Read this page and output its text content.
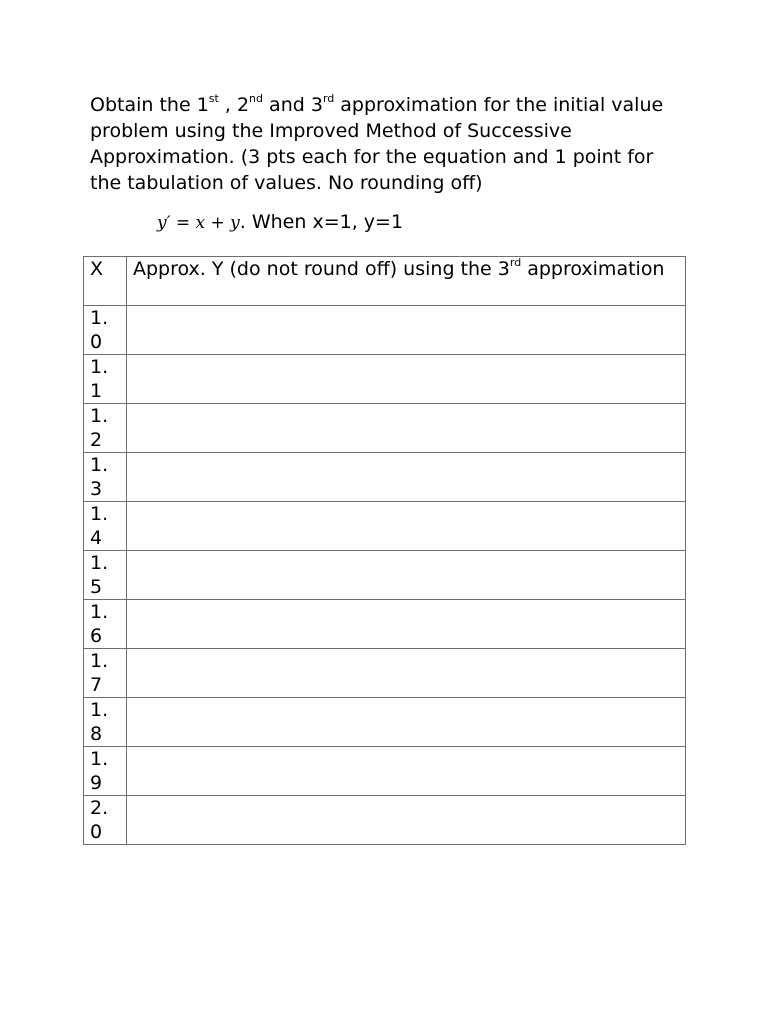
Obtain the 1st , 2nd and 3rd approximation for the initial value problem using the Improved Method of Successive Approximation. (3 pts each for the equation and 1 point for the tabulation of values. No rounding off)

y′ = x + y. When x=1, y=1
X	Approx. Y (do not round off) using the 3rd approximation
1.0	
1.1	
1.2	
1.3	
1.4	
1.5	
1.6	
1.7	
1.8	
1.9	
2.0	
